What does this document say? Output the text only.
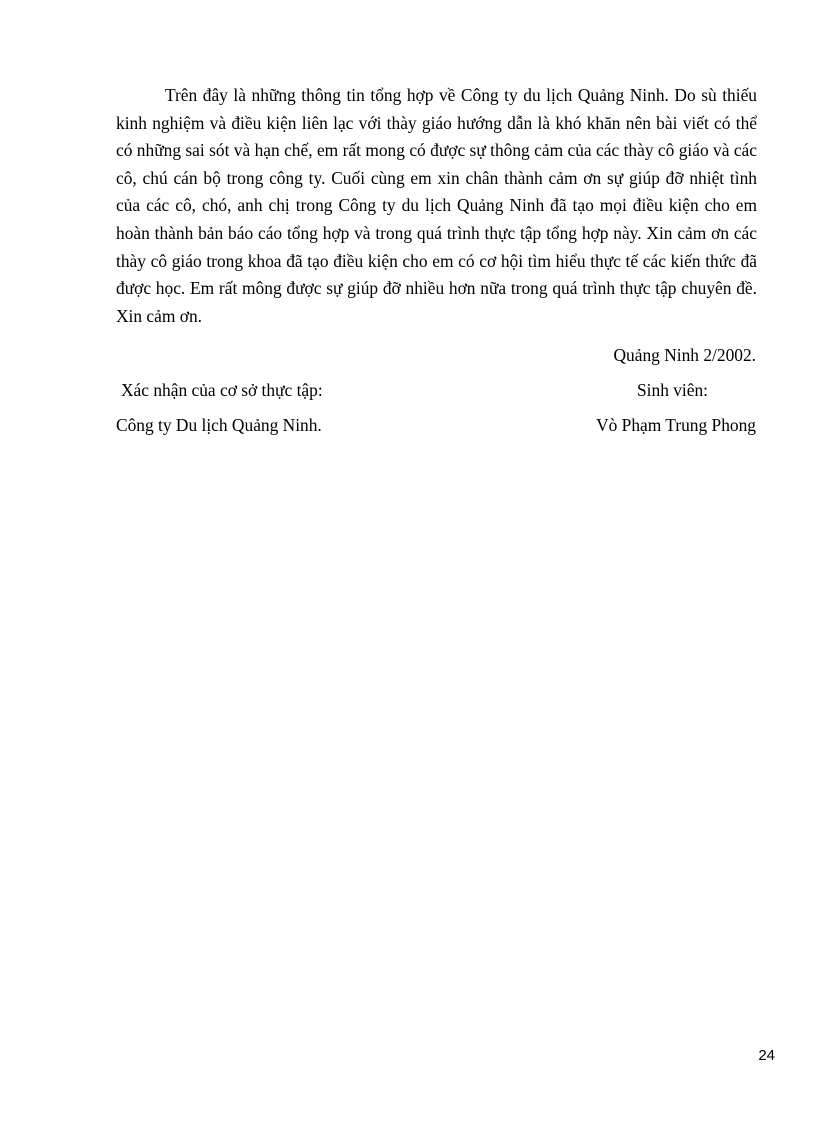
Trên đây là những thông tin tổng hợp về Công ty du lịch Quảng Ninh. Do sù thiếu kinh nghiệm và điều kiện liên lạc với thày giáo hướng dẫn là khó khăn nên bài viết có thể có những sai sót và hạn chế, em rất mong có được sự thông cảm của các thày cô giáo và các cô, chú cán bộ trong công ty. Cuối cùng em xin chân thành cảm ơn sự giúp đỡ nhiệt tình của các cô, chó, anh chị trong Công ty du lịch Quảng Ninh đã tạo mọi điều kiện cho em hoàn thành bản báo cáo tổng hợp và trong quá trình thực tập tổng hợp này. Xin cảm ơn các thày cô giáo trong khoa đã tạo điều kiện cho em có cơ hội tìm hiểu thực tế các kiến thức đã được học. Em rất mông được sự giúp đỡ nhiều hơn nữa trong quá trình thực tập chuyên đề. Xin cảm ơn.

Quảng Ninh 2/2002.
Xác nhận của cơ sở thực tập:	Sinh viên:
Công ty Du lịch Quảng Ninh.	Vò Phạm Trung Phong
24
